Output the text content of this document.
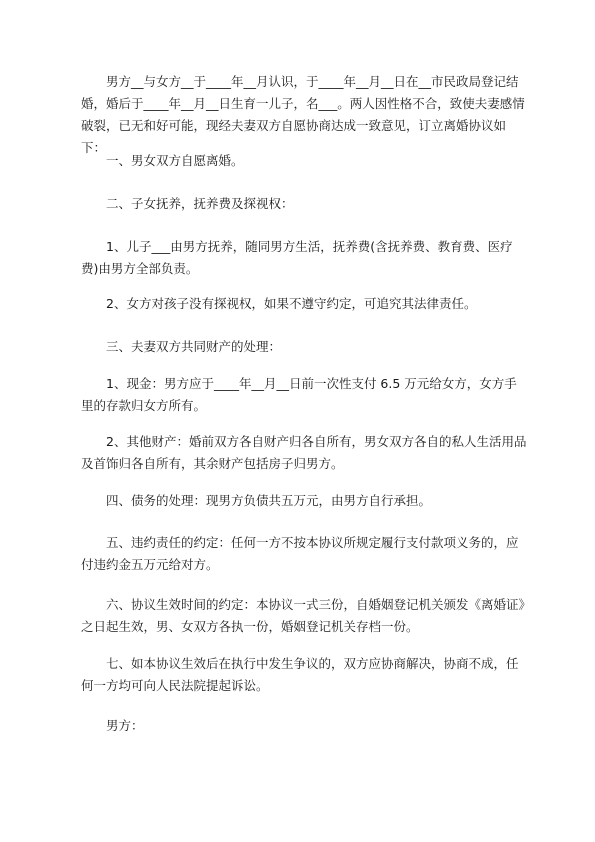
男方__与女方__于____年__月认识，于____年__月__日在__市民政局登记结婚，婚后于____年__月__日生育一儿子，名___。两人因性格不合，致使夫妻感情破裂，已无和好可能，现经夫妻双方自愿协商达成一致意见，订立离婚协议如下：

一、男女双方自愿离婚。

二、子女抚养，抚养费及探视权：

1、儿子___由男方抚养，随同男方生活，抚养费(含抚养费、教育费、医疗费)由男方全部负责。

2、女方对孩子没有探视权，如果不遵守约定，可追究其法律责任。

三、夫妻双方共同财产的处理：

1、现金：男方应于____年__月__日前一次性支付 6.5 万元给女方，女方手里的存款归女方所有。

2、其他财产：婚前双方各自财产归各自所有，男女双方各自的私人生活用品及首饰归各自所有，其余财产包括房子归男方。

四、债务的处理：现男方负债共五万元，由男方自行承担。

五、违约责任的约定：任何一方不按本协议所规定履行支付款项义务的，应付违约金五万元给对方。

六、协议生效时间的约定：本协议一式三份，自婚姻登记机关颁发《离婚证》之日起生效，男、女双方各执一份，婚姻登记机关存档一份。

七、如本协议生效后在执行中发生争议的，双方应协商解决，协商不成，任何一方均可向人民法院提起诉讼。

男方：
